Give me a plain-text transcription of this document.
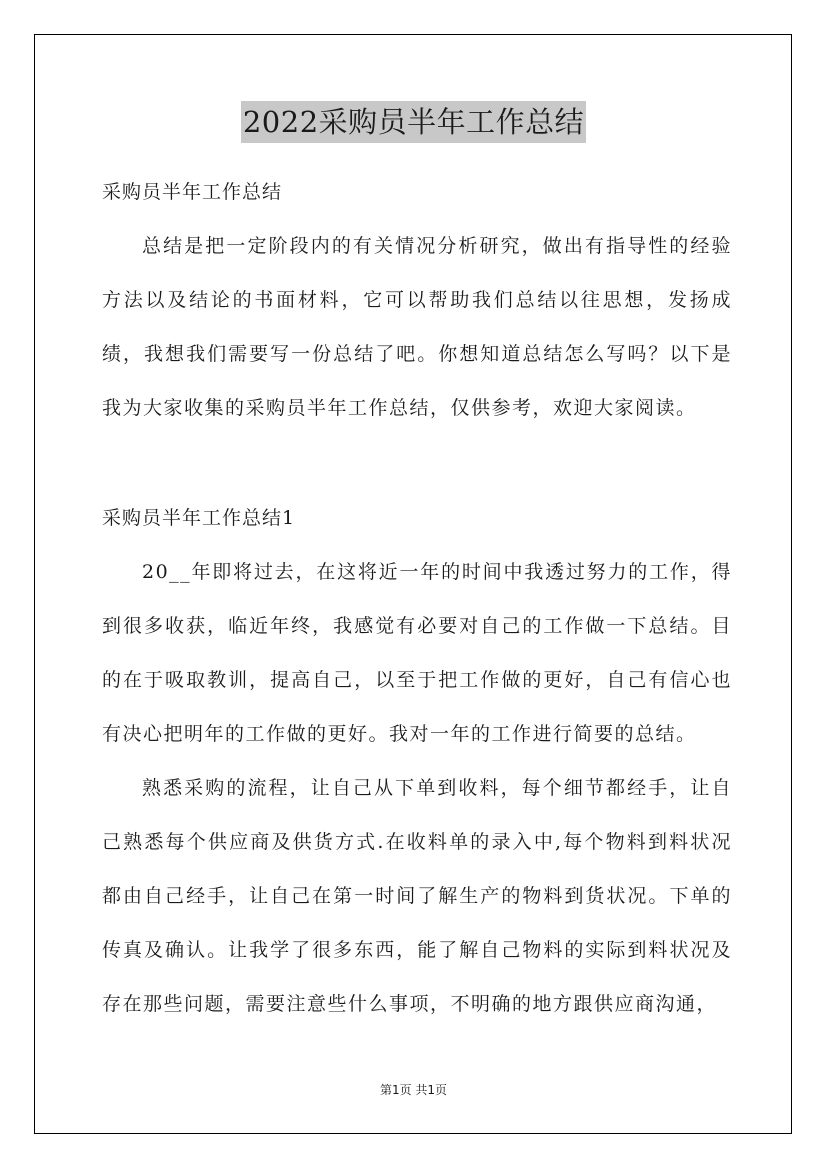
2022采购员半年工作总结

采购员半年工作总结

总结是把一定阶段内的有关情况分析研究，做出有指导性的经验方法以及结论的书面材料，它可以帮助我们总结以往思想，发扬成绩，我想我们需要写一份总结了吧。你想知道总结怎么写吗？以下是我为大家收集的采购员半年工作总结，仅供参考，欢迎大家阅读。

采购员半年工作总结1

20__年即将过去，在这将近一年的时间中我透过努力的工作，得到很多收获，临近年终，我感觉有必要对自己的工作做一下总结。目的在于吸取教训，提高自己，以至于把工作做的更好，自己有信心也有决心把明年的工作做的更好。我对一年的工作进行简要的总结。

熟悉采购的流程，让自己从下单到收料，每个细节都经手，让自己熟悉每个供应商及供货方式.在收料单的录入中,每个物料到料状况都由自己经手，让自己在第一时间了解生产的物料到货状况。下单的传真及确认。让我学了很多东西，能了解自己物料的实际到料状况及存在那些问题，需要注意些什么事项，不明确的地方跟供应商沟通，

第1页 共1页
